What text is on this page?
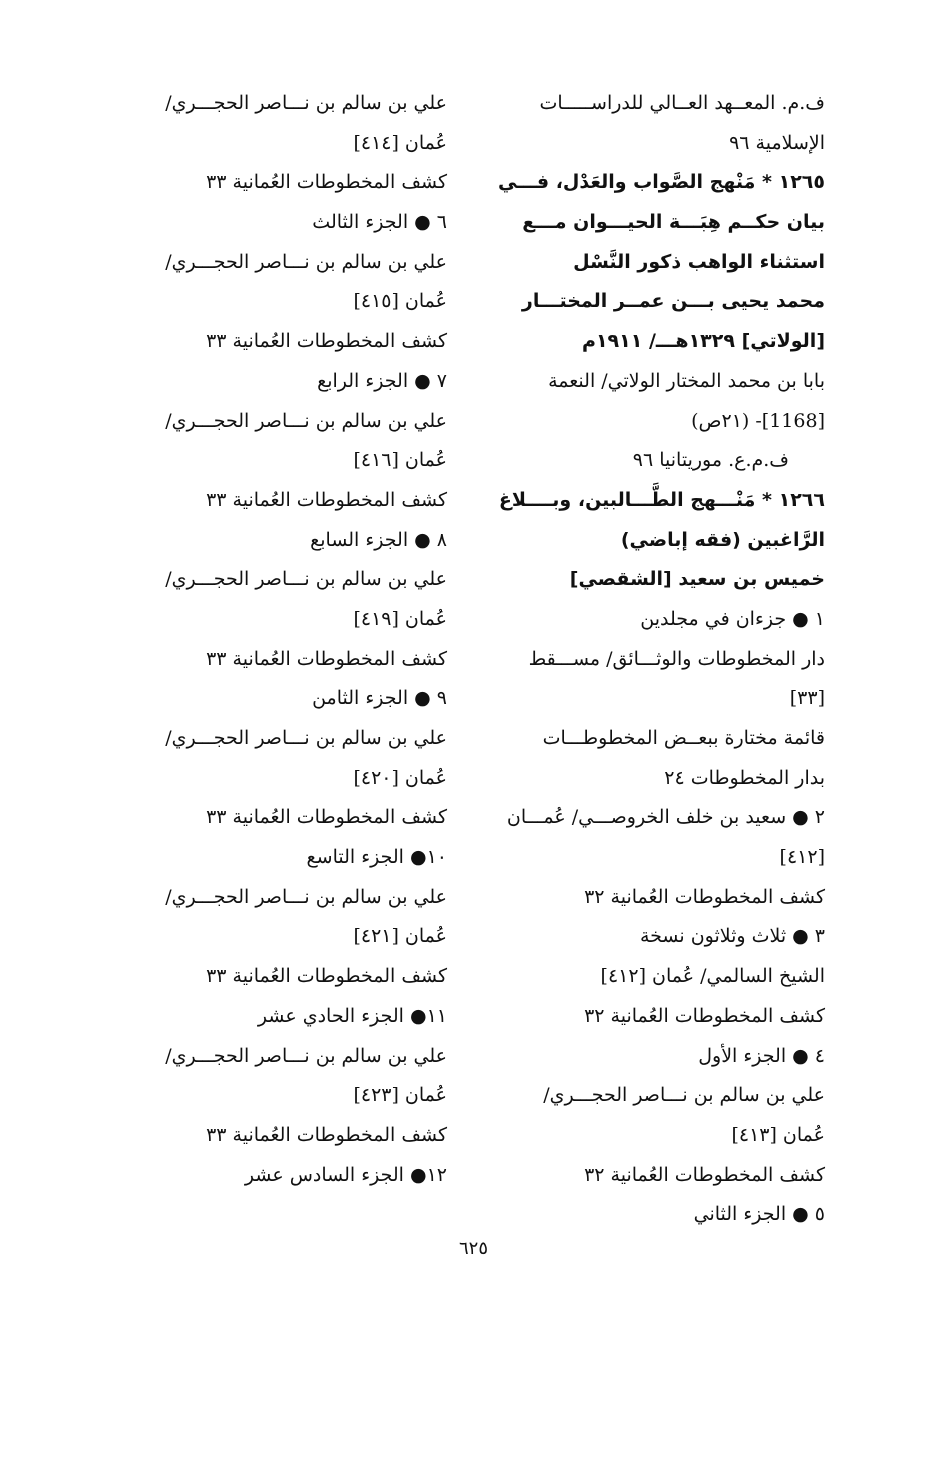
ف.م. المعــهد العــالي للدراســـــات
الإسلامية ٩٦
١٢٦٥ * مَنْهج الصَّواب والعَدْل، فـــي
بيان حكــم هِبَـــة الحيـــوان مـــع
استثناء الواهب ذكور النَّسْل
محمد يحيى بـــن عمــر المختـــار
[الولاتي] ١٣٢٩هـــ/ ١٩١١م
بابا بن محمد المختار الولاتي/ النعمة
[1168]- (٢١ص)
ف.م.ع. موريتانيا ٩٦
١٢٦٦ * مَنْـــهج الطَّـــالبين، وبــــلاغ
الرَّاغبين (فقه إباضي)
خميس بن سعيد [الشقصي]
١ ● جزءان في مجلدين
دار المخطوطات والوثـــائق/ مســـقط
[٣٣]
قائمة مختارة ببعــض المخطوطـــات
بدار المخطوطات ٢٤
٢ ● سعيد بن خلف الخروصـــي/ عُمـــان
[٤١٢]
كشف المخطوطات العُمانية ٣٢
٣ ● ثلاث وثلاثون نسخة
الشيخ السالمي/ عُمان [٤١٢]
كشف المخطوطات العُمانية ٣٢
٤ ● الجزء الأول
علي بن سالم بن نـــاصر الحجـــري/
عُمان [٤١٣]
كشف المخطوطات العُمانية ٣٢
٥ ● الجزء الثاني
علي بن سالم بن نـــاصر الحجـــري/
عُمان [٤١٤]
كشف المخطوطات العُمانية ٣٣
٦ ● الجزء الثالث
علي بن سالم بن نـــاصر الحجـــري/
عُمان [٤١٥]
كشف المخطوطات العُمانية ٣٣
٧ ● الجزء الرابع
علي بن سالم بن نـــاصر الحجـــري/
عُمان [٤١٦]
كشف المخطوطات العُمانية ٣٣
٨ ● الجزء السابع
علي بن سالم بن نـــاصر الحجـــري/
عُمان [٤١٩]
كشف المخطوطات العُمانية ٣٣
٩ ● الجزء الثامن
علي بن سالم بن نـــاصر الحجـــري/
عُمان [٤٢٠]
كشف المخطوطات العُمانية ٣٣
١٠● الجزء التاسع
علي بن سالم بن نـــاصر الحجـــري/
عُمان [٤٢١]
كشف المخطوطات العُمانية ٣٣
١١● الجزء الحادي عشر
علي بن سالم بن نـــاصر الحجـــري/
عُمان [٤٢٣]
كشف المخطوطات العُمانية ٣٣
١٢● الجزء السادس عشر
٦٢٥
